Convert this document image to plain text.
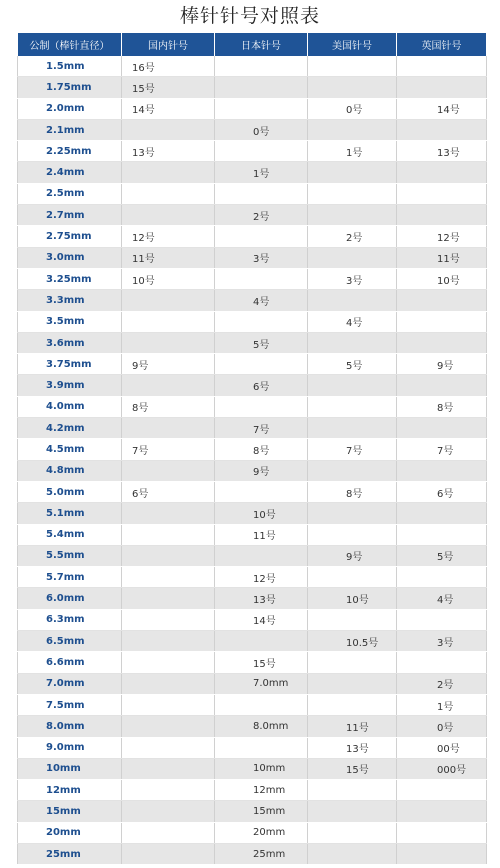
棒针针号对照表
公制（棒针直径）	国内针号	日本针号	美国针号	英国针号
1.5mm	16号			
1.75mm	15号			
2.0mm	14号		0号	14号
2.1mm		0号		
2.25mm	13号		1号	13号
2.4mm		1号		
2.5mm				
2.7mm		2号		
2.75mm	12号		2号	12号
3.0mm	11号	3号		11号
3.25mm	10号		3号	10号
3.3mm		4号		
3.5mm			4号	
3.6mm		5号		
3.75mm	9号		5号	9号
3.9mm		6号		
4.0mm	8号			8号
4.2mm		7号		
4.5mm	7号	8号	7号	7号
4.8mm		9号		
5.0mm	6号		8号	6号
5.1mm		10号		
5.4mm		11号		
5.5mm			9号	5号
5.7mm		12号		
6.0mm		13号	10号	4号
6.3mm		14号		
6.5mm			10.5号	3号
6.6mm		15号		
7.0mm		7.0mm		2号
7.5mm				1号
8.0mm		8.0mm	11号	0号
9.0mm			13号	00号
10mm		10mm	15号	000号
12mm		12mm		
15mm		15mm		
20mm		20mm		
25mm		25mm		
